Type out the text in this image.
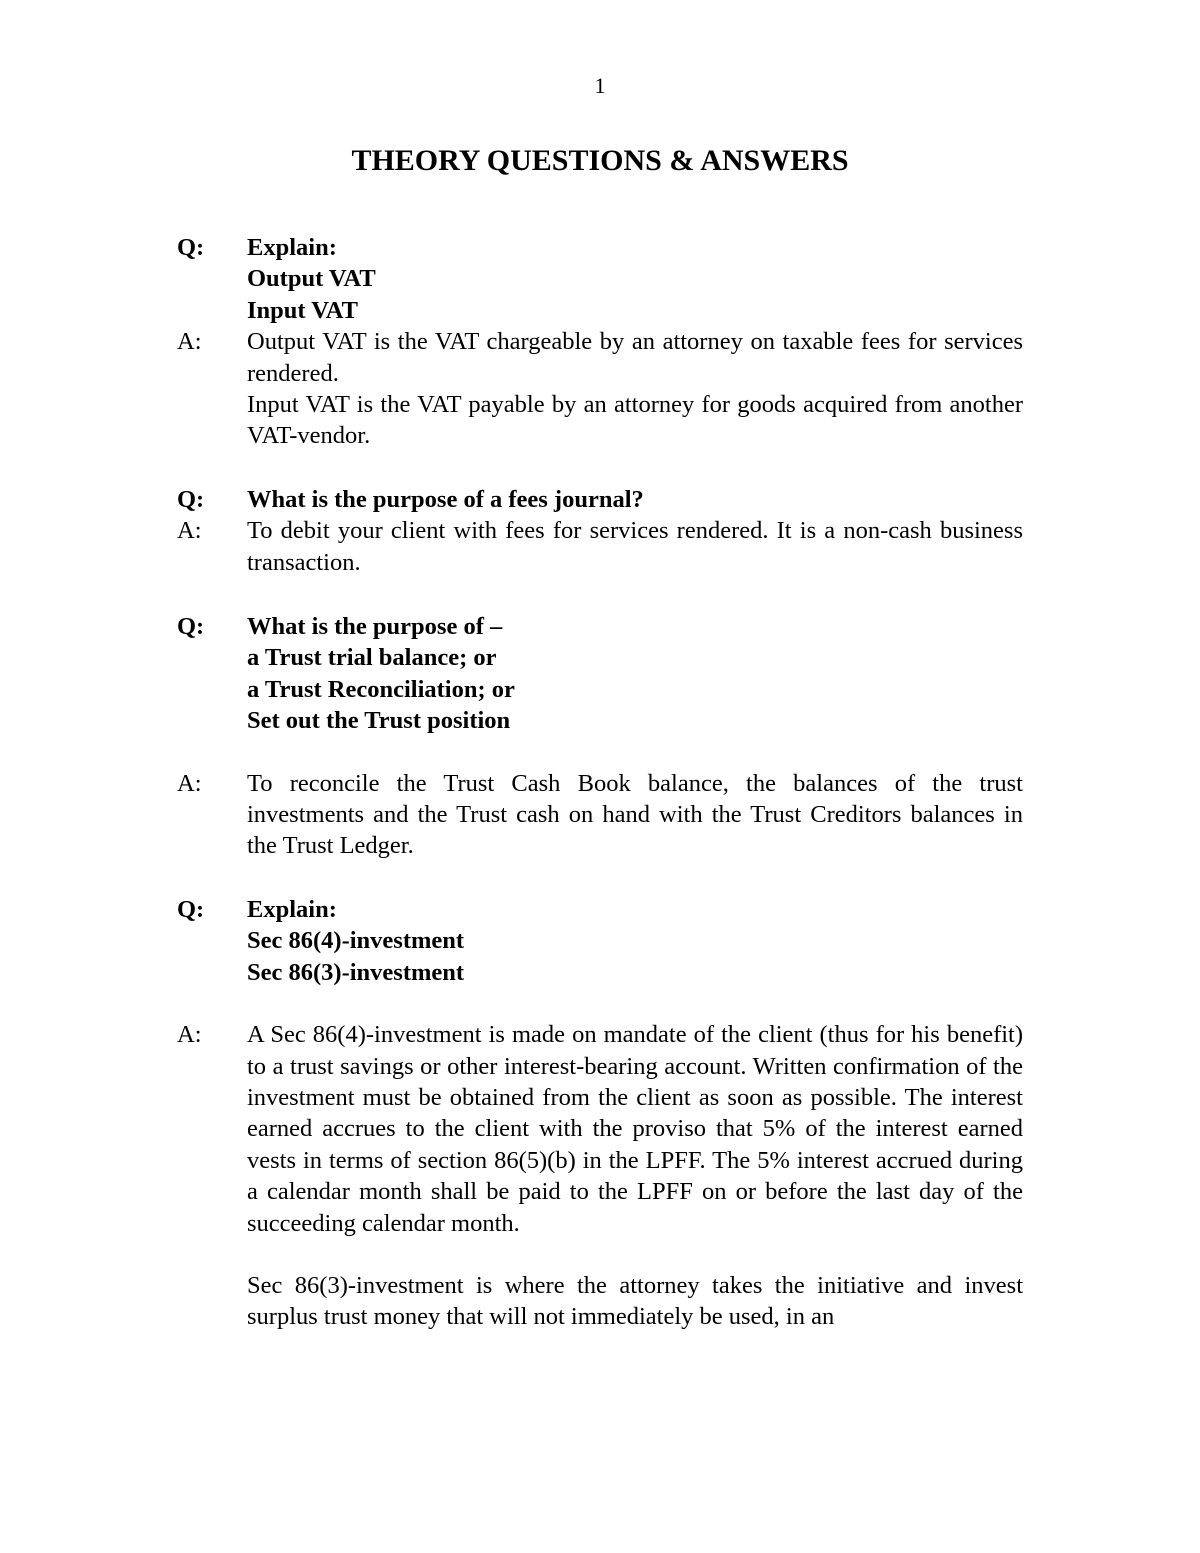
1
THEORY QUESTIONS & ANSWERS
Q:	Explain:
Output VAT
Input VAT
A:	Output VAT is the VAT chargeable by an attorney on taxable fees for services rendered.

Input VAT is the VAT payable by an attorney for goods acquired from another VAT-vendor.

Q:	What is the purpose of a fees journal?
A:	To debit your client with fees for services rendered. It is a non-cash business transaction.

Q:	What is the purpose of –
a Trust trial balance; or
a Trust Reconciliation; or
Set out the Trust position
A:	To reconcile the Trust Cash Book balance, the balances of the trust investments and the Trust cash on hand with the Trust Creditors balances in the Trust Ledger.

Q:	Explain:
Sec 86(4)-investment
Sec 86(3)-investment
A:	A Sec 86(4)-investment is made on mandate of the client (thus for his benefit) to a trust savings or other interest-bearing account. Written confirmation of the investment must be obtained from the client as soon as possible. The interest earned accrues to the client with the proviso that 5% of the interest earned vests in terms of section 86(5)(b) in the LPFF. The 5% interest accrued during a calendar month shall be paid to the LPFF on or before the last day of the succeeding calendar month.

Sec 86(3)-investment is where the attorney takes the initiative and invest surplus trust money that will not immediately be used, in an
